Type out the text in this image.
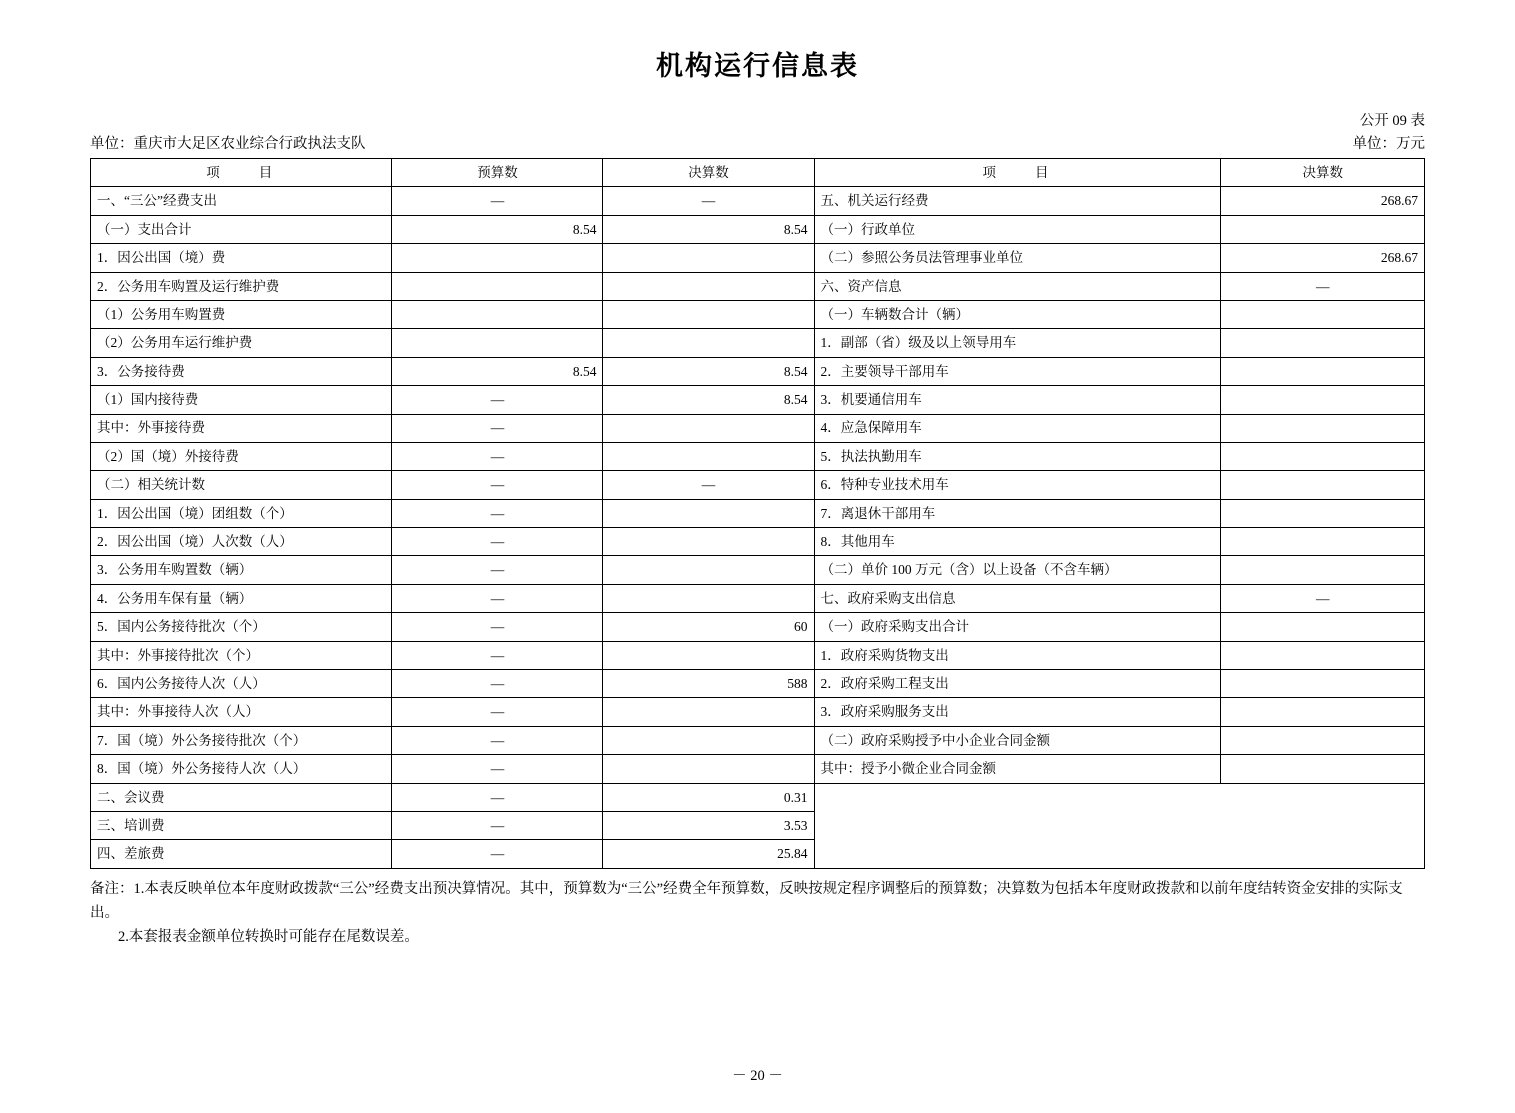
机构运行信息表
公开 09 表
单位：重庆市大足区农业综合行政执法支队	单位：万元
项　　目	预算数	决算数	项　　目	决算数
一、“三公”经费支出	—	—	五、机关运行经费	268.67
（一）支出合计	8.54	8.54	（一）行政单位	
1．因公出国（境）费			（二）参照公务员法管理事业单位	268.67
2．公务用车购置及运行维护费			六、资产信息	—
（1）公务用车购置费			（一）车辆数合计（辆）	
（2）公务用车运行维护费			1．副部（省）级及以上领导用车	
3．公务接待费	8.54	8.54	2．主要领导干部用车	
（1）国内接待费	—	8.54	3．机要通信用车	
其中：外事接待费	—		4．应急保障用车	
（2）国（境）外接待费	—		5．执法执勤用车	
（二）相关统计数	—	—	6．特种专业技术用车	
1．因公出国（境）团组数（个）	—		7．离退休干部用车	
2．因公出国（境）人次数（人）	—		8．其他用车	
3．公务用车购置数（辆）	—		（二）单价 100 万元（含）以上设备（不含车辆）	
4．公务用车保有量（辆）	—		七、政府采购支出信息	—
5．国内公务接待批次（个）	—	60	（一）政府采购支出合计	
其中：外事接待批次（个）	—		1．政府采购货物支出	
6．国内公务接待人次（人）	—	588	2．政府采购工程支出	
其中：外事接待人次（人）	—		3．政府采购服务支出	
7．国（境）外公务接待批次（个）	—		（二）政府采购授予中小企业合同金额	
8．国（境）外公务接待人次（人）	—		其中：授予小微企业合同金额	
二、会议费	—	0.31		
三、培训费	—	3.53		
四、差旅费	—	25.84		

备注：1.本表反映单位本年度财政拨款“三公”经费支出预决算情况。其中，预算数为“三公”经费全年预算数，反映按规定程序调整后的预算数；决算数为包括本年度财政拨款和以前年度结转资金安排的实际支出。

2.本套报表金额单位转换时可能存在尾数误差。

－ 20 －
